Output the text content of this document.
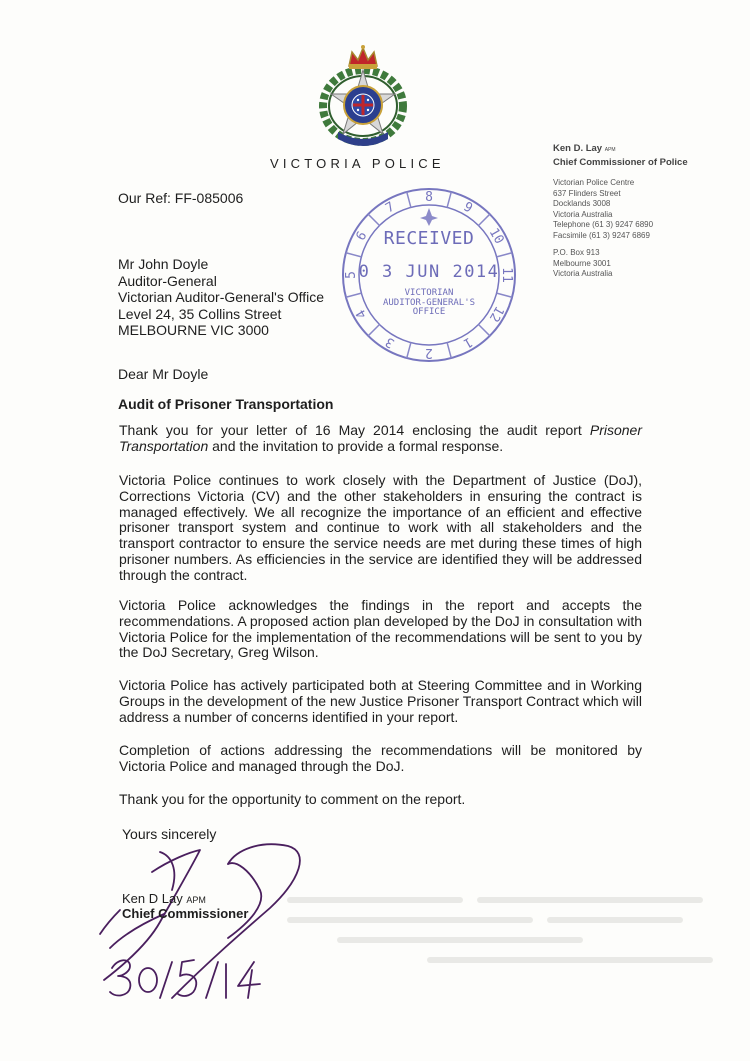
VICTORIA POLICE
Ken D. Lay APM
Chief Commissioner of Police
Victorian Police Centre
637 Flinders Street
Docklands 3008
Victoria Australia
Telephone (61 3) 9247 6890
Facsimile (61 3) 9247 6869
P.O. Box 913
Melbourne 3001
Victoria Australia
Our Ref: FF-085006
Mr John Doyle
Auditor-General
Victorian Auditor-General's Office
Level 24, 35 Collins Street
MELBOURNE VIC 3000
8
9
10
11
12
1
2
3
4
5
6
7
RECEIVED
0 3 JUN 2014
VICTORIAN
AUDITOR-GENERAL'S
OFFICE
Dear Mr Doyle
Audit of Prisoner Transportation
Thank you for your letter of 16 May 2014 enclosing the audit report Prisoner Transportation and the invitation to provide a formal response.
Victoria Police continues to work closely with the Department of Justice (DoJ), Corrections Victoria (CV) and the other stakeholders in ensuring the contract is managed effectively. We all recognize the importance of an efficient and effective prisoner transport system and continue to work with all stakeholders and the transport contractor to ensure the service needs are met during these times of high prisoner numbers. As efficiencies in the service are identified they will be addressed through the contract.
Victoria Police acknowledges the findings in the report and accepts the recommendations. A proposed action plan developed by the DoJ in consultation with Victoria Police for the implementation of the recommendations will be sent to you by the DoJ Secretary, Greg Wilson.
Victoria Police has actively participated both at Steering Committee and in Working Groups in the development of the new Justice Prisoner Transport Contract which will address a number of concerns identified in your report.
Completion of actions addressing the recommendations will be monitored by Victoria Police and managed through the DoJ.
Thank you for the opportunity to comment on the report.
Yours sincerely
Ken D Lay APM
Chief Commissioner
